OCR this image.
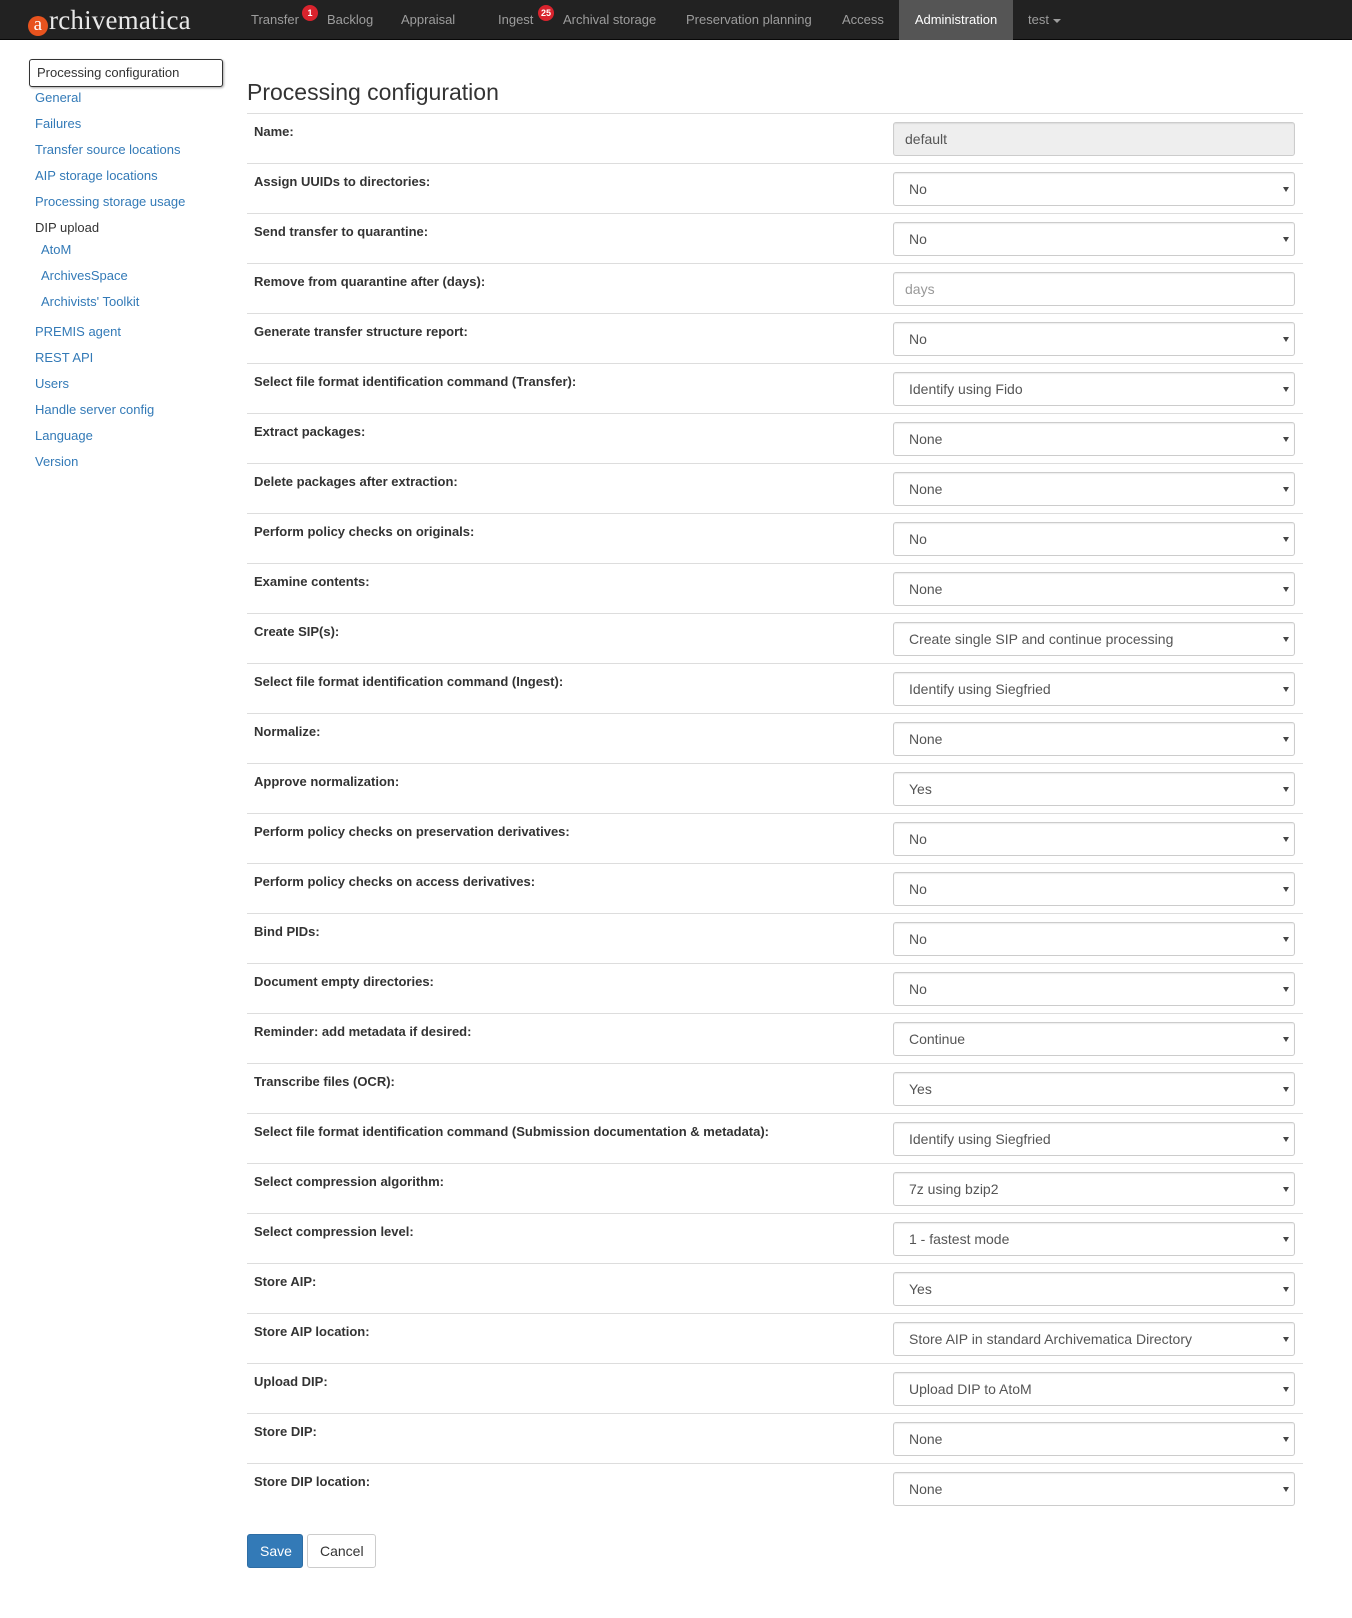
a rchivematica	Transfer 1	Backlog Appraisal	Ingest 25 Archival storage Preservation planning Access	Administration	test
Processing configuration
General
Failures
Transfer source locations
AIP storage locations
Processing storage usage
DIP upload
AtoM
ArchivesSpace
Archivists' Toolkit
PREMIS agent
REST API
Users
Handle server config
Language
Version
Processing configuration
Name:	default
Assign UUIDs to directories:	No
Send transfer to quarantine:	No
Remove from quarantine after (days):	days
Generate transfer structure report:	No
Select file format identification command (Transfer):	Identify using Fido
Extract packages:	None
Delete packages after extraction:	None
Perform policy checks on originals:	No
Examine contents:	None
Create SIP(s):	Create single SIP and continue processing
Select file format identification command (Ingest):	Identify using Siegfried
Normalize:	None
Approve normalization:	Yes
Perform policy checks on preservation derivatives:	No
Perform policy checks on access derivatives:	No
Bind PIDs:	No
Document empty directories:	No
Reminder: add metadata if desired:	Continue
Transcribe files (OCR):	Yes
Select file format identification command (Submission documentation & metadata):	Identify using Siegfried
Select compression algorithm:	7z using bzip2
Select compression level:	1 - fastest mode
Store AIP:	Yes
Store AIP location:	Store AIP in standard Archivematica Directory
Upload DIP:	Upload DIP to AtoM
Store DIP:	None
Store DIP location:	None
Save	Cancel
